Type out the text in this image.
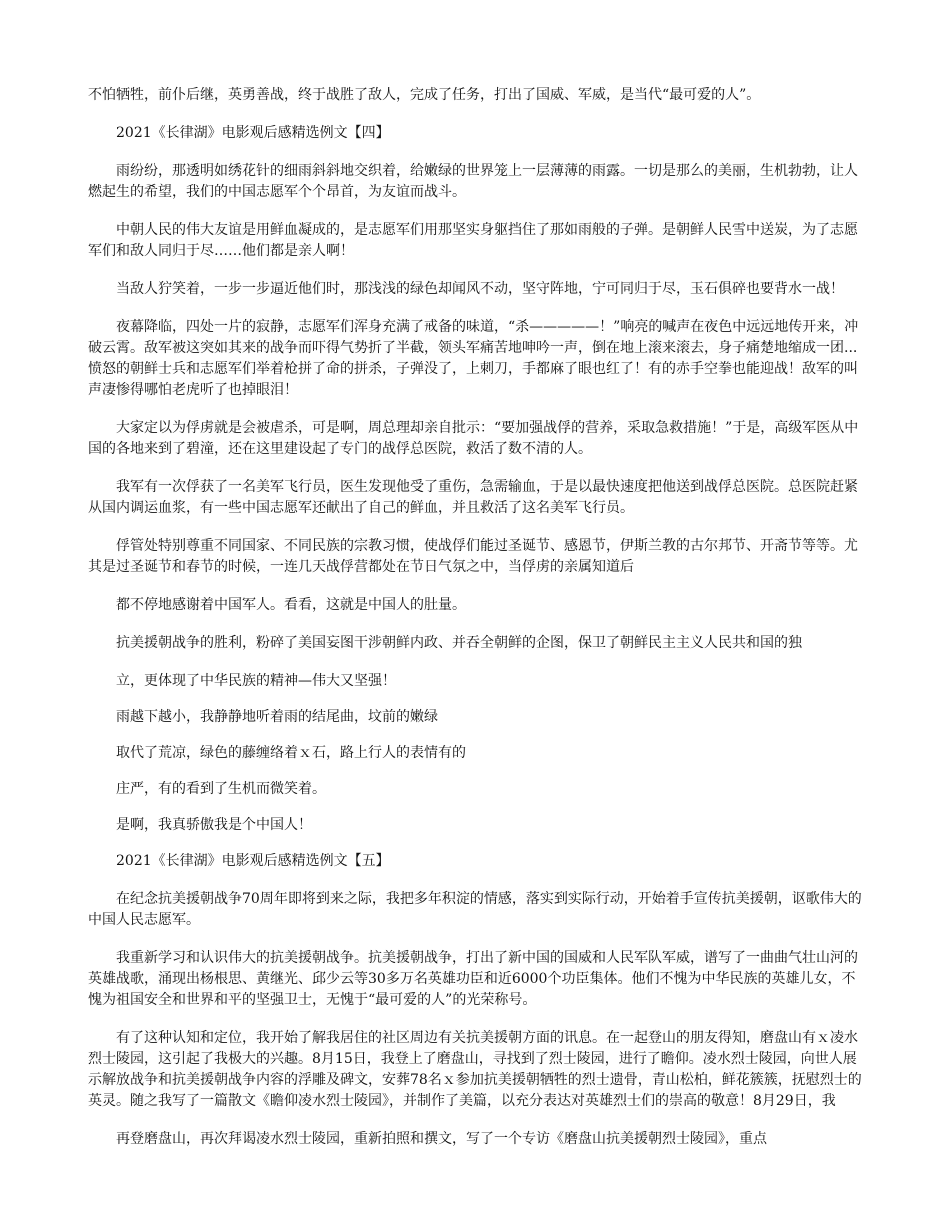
不怕牺牲，前仆后继，英勇善战，终于战胜了敌人，完成了任务，打出了国威、军威，是当代“最可爱的人”。

2021《长律湖》电影观后感精选例文【四】

雨纷纷，那透明如绣花针的细雨斜斜地交织着，给嫩绿的世界笼上一层薄薄的雨露。一切是那么的美丽，生机勃勃，让人燃起生的希望，我们的中国志愿军个个昂首，为友谊而战斗。

中朝人民的伟大友谊是用鲜血凝成的，是志愿军们用那坚实身躯挡住了那如雨般的子弹。是朝鲜人民雪中送炭，为了志愿军们和敌人同归于尽……他们都是亲人啊！

当敌人狞笑着，一步一步逼近他们时，那浅浅的绿色却闻风不动，坚守阵地，宁可同归于尽，玉石俱碎也要背水一战！

夜幕降临，四处一片的寂静，志愿军们浑身充满了戒备的味道，“杀—————！”响亮的喊声在夜色中远远地传开来，冲破云霄。敌军被这突如其来的战争而吓得气势折了半截，领头军痛苦地呻吟一声，倒在地上滚来滚去，身子痛楚地缩成一团...愤怒的朝鲜士兵和志愿军们举着枪拼了命的拼杀，子弹没了，上刺刀，手都麻了眼也红了！有的赤手空拳也能迎战！敌军的叫声凄惨得哪怕老虎听了也掉眼泪！

大家定以为俘虏就是会被虐杀，可是啊，周总理却亲自批示：“要加强战俘的营养，采取急救措施！”于是，高级军医从中国的各地来到了碧潼，还在这里建设起了专门的战俘总医院，救活了数不清的人。

我军有一次俘获了一名美军飞行员，医生发现他受了重伤，急需输血，于是以最快速度把他送到战俘总医院。总医院赶紧从国内调运血浆，有一些中国志愿军还献出了自己的鲜血，并且救活了这名美军飞行员。

俘管处特别尊重不同国家、不同民族的宗教习惯，使战俘们能过圣诞节、感恩节，伊斯兰教的古尔邦节、开斋节等等。尤其是过圣诞节和春节的时候，一连几天战俘营都处在节日气氛之中，当俘虏的亲属知道后

都不停地感谢着中国军人。看看，这就是中国人的肚量。

抗美援朝战争的胜利，粉碎了美国妄图干涉朝鲜内政、并吞全朝鲜的企图，保卫了朝鲜民主主义人民共和国的独

立，更体现了中华民族的精神—伟大又坚强！

雨越下越小，我静静地听着雨的结尾曲，坟前的嫩绿

取代了荒凉，绿色的藤缠络着ｘ石，路上行人的表情有的

庄严，有的看到了生机而微笑着。

是啊，我真骄傲我是个中国人！

2021《长律湖》电影观后感精选例文【五】

在纪念抗美援朝战争70周年即将到来之际，我把多年积淀的情感，落实到实际行动，开始着手宣传抗美援朝，讴歌伟大的中国人民志愿军。

我重新学习和认识伟大的抗美援朝战争。抗美援朝战争，打出了新中国的国威和人民军队军威，谱写了一曲曲气壮山河的英雄战歌，涌现出杨根思、黄继光、邱少云等30多万名英雄功臣和近6000个功臣集体。他们不愧为中华民族的英雄儿女，不愧为祖国安全和世界和平的坚强卫士，无愧于“最可爱的人”的光荣称号。

有了这种认知和定位，我开始了解我居住的社区周边有关抗美援朝方面的讯息。在一起登山的朋友得知，磨盘山有ｘ凌水烈士陵园，这引起了我极大的兴趣。8月15日，我登上了磨盘山，寻找到了烈士陵园，进行了瞻仰。凌水烈士陵园，向世人展示解放战争和抗美援朝战争内容的浮雕及碑文，安葬78名ｘ参加抗美援朝牺牲的烈士遗骨，青山松柏，鲜花簇簇，抚慰烈士的英灵。随之我写了一篇散文《瞻仰凌水烈士陵园》，并制作了美篇，以充分表达对英雄烈士们的崇高的敬意！8月29日，我

再登磨盘山，再次拜谒凌水烈士陵园，重新拍照和撰文，写了一个专访《磨盘山抗美援朝烈士陵园》，重点
